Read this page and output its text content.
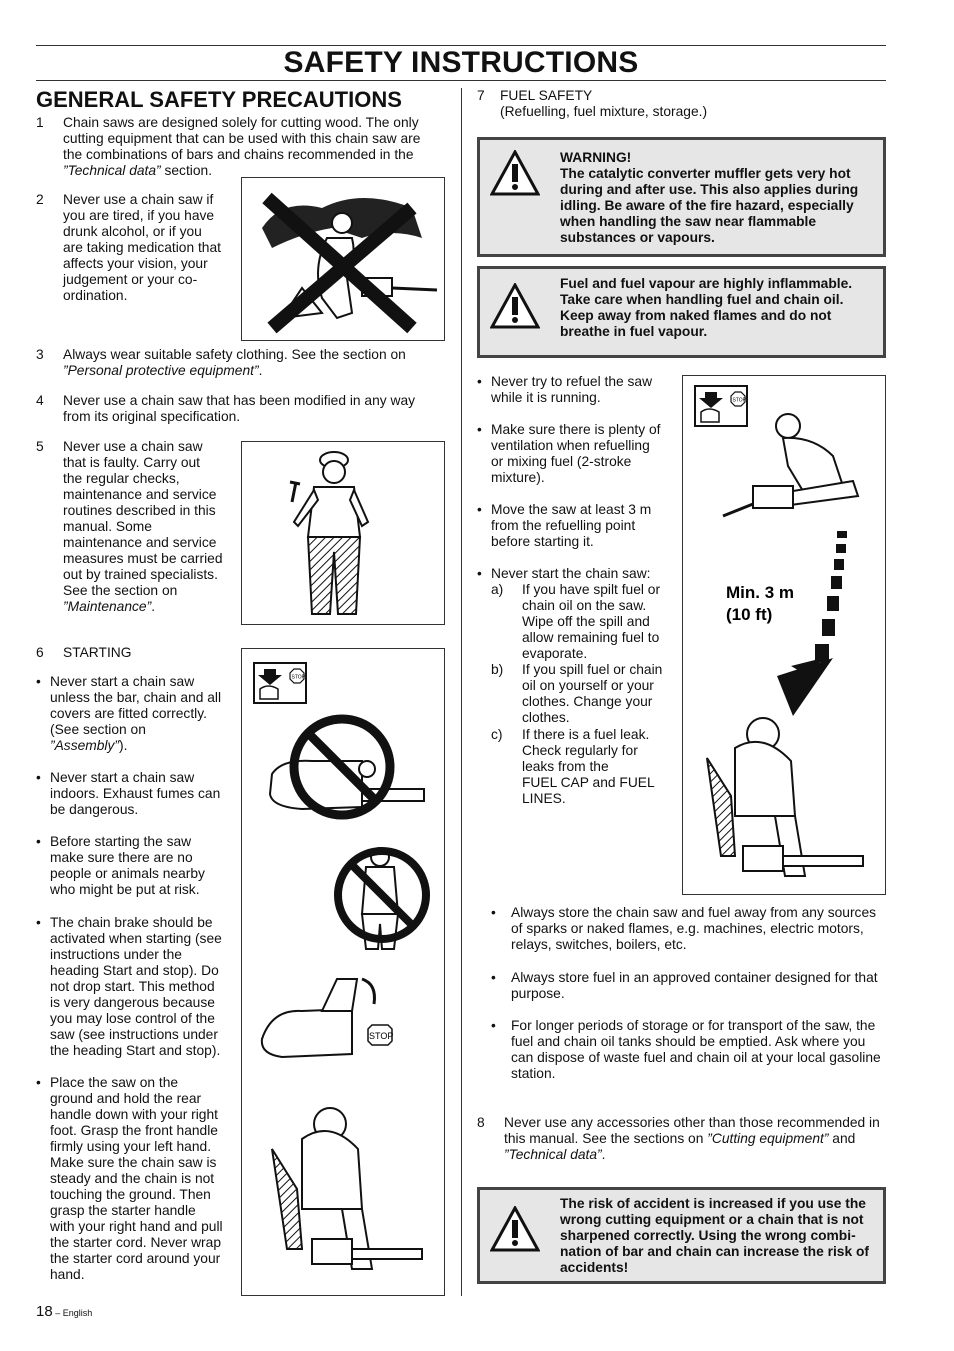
SAFETY INSTRUCTIONS
GENERAL SAFETY PRECAUTIONS
1 Chain saws are designed solely for cutting wood. The only cutting equipment that can be used with this chain saw are the combinations of bars and chains recommended in the
”Technical data” section.
2 Never use a chain saw if
you are tired, if you have
drunk alcohol, or if you
are taking medication that
affects your vision, your
judgement or your co-
ordination.
3 Always wear suitable safety clothing. See the section on
”Personal protective equipment”.
4 Never use a chain saw that has been modified in any way from its original specification.
5 Never use a chain saw
that is faulty. Carry out
the regular checks,
maintenance and service
routines described in this
manual. Some
maintenance and service
measures must be carried
out by trained specialists.
See the section on
”Maintenance”.
6 STARTING
• Never start a chain saw
unless the bar, chain and all
covers are fitted correctly.
(See section on
”Assembly”).
• Never start a chain saw
indoors. Exhaust fumes can
be dangerous.
• Before starting the saw
make sure there are no
people or animals nearby
who might be put at risk.
• The chain brake should be
activated when starting (see
instructions under the
heading Start and stop). Do
not drop start. This method
is very dangerous because
you may lose control of the
saw (see instructions under
the heading Start and stop).
• Place the saw on the
ground and hold the rear
handle down with your right
foot. Grasp the front handle
firmly using your left hand.
Make sure the chain saw is
steady and the chain is not
touching the ground. Then
grasp the starter handle
with your right hand and pull
the starter cord. Never wrap
the starter cord around your
hand.
STOP
STOP
7 FUEL SAFETY
(Refuelling, fuel mixture, storage.)
WARNING!
The catalytic converter muffler gets very hot during and after use. This also applies during idling. Be aware of the fire hazard, especially when handling the saw near flammable substances or vapours.
Fuel and fuel vapour are highly inflammable. Take care when handling fuel and chain oil. Keep away from naked flames and do not breathe in fuel vapour.
• Never try to refuel the saw
while it is running.
• Make sure there is plenty of
ventilation when refuelling
or mixing fuel (2-stroke
mixture).
• Move the saw at least 3 m
from the refuelling point
before starting it.
• Never start the chain saw:
a) If you have spilt fuel or
chain oil on the saw.
Wipe off the spill and
allow remaining fuel to
evaporate.
b) If you spill fuel or chain
oil on yourself or your
clothes. Change your
clothes.
c) If there is a fuel leak.
Check regularly for
leaks from the
FUEL CAP and FUEL
LINES.
STOP
Min. 3 m
(10 ft)
• Always store the chain saw and fuel away from any sources of sparks or naked flames, e.g. machines, electric motors, relays, switches, boilers, etc.
• Always store fuel in an approved container designed for that purpose.
• For longer periods of storage or for transport of the saw, the fuel and chain oil tanks should be emptied. Ask where you can dispose of waste fuel and chain oil at your local gasoline station.
8 Never use any accessories other than those recommended in this manual. See the sections on ”Cutting equipment” and ”Technical data”.
The risk of accident is increased if you use the wrong cutting equipment or a chain that is not sharpened correctly. Using the wrong combi-nation of bar and chain can increase the risk of accidents!
18 – English
